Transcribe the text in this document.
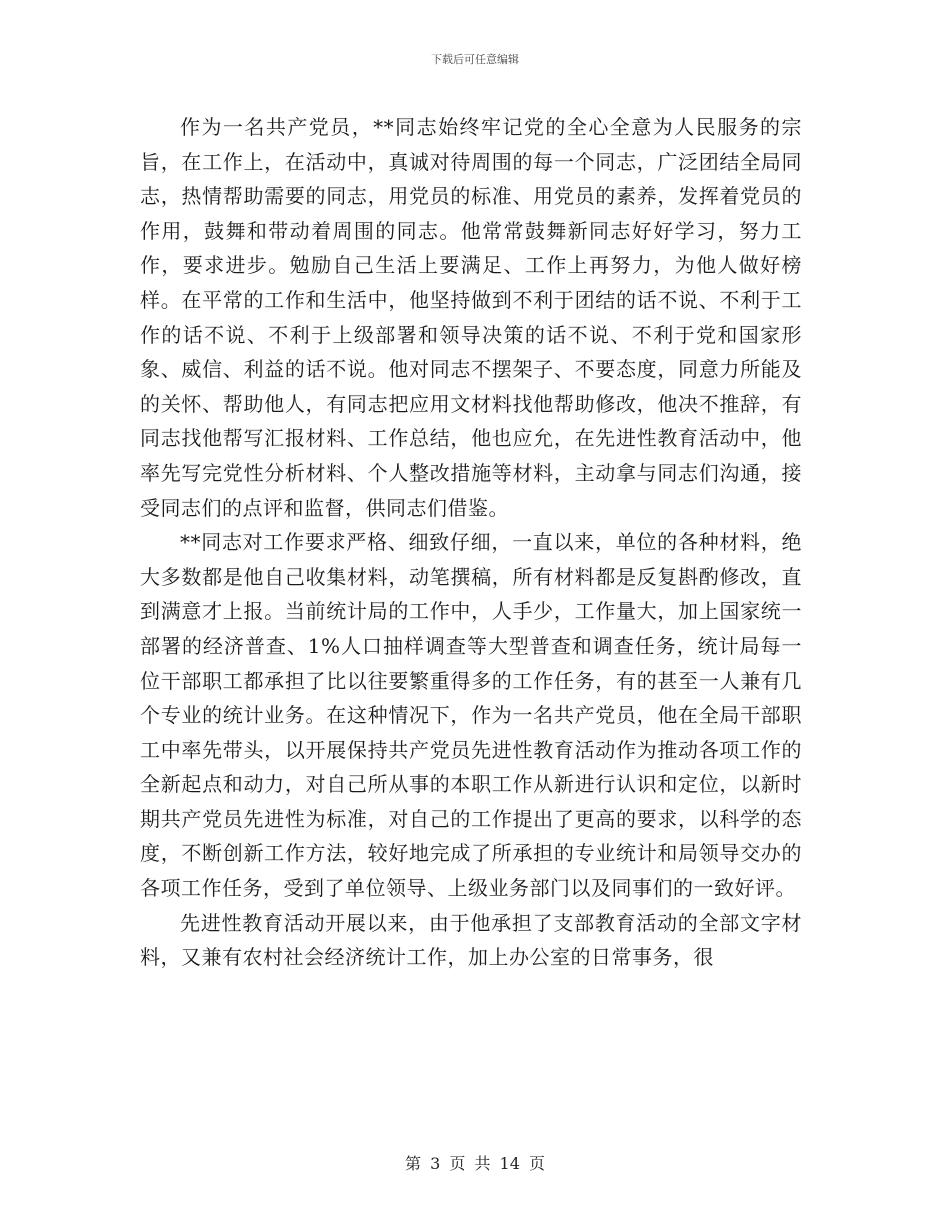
下载后可任意编辑

作为一名共产党员，**同志始终牢记党的全心全意为人民服务的宗旨，在工作上，在活动中，真诚对待周围的每一个同志，广泛团结全局同志，热情帮助需要的同志，用党员的标准、用党员的素养，发挥着党员的作用，鼓舞和带动着周围的同志。他常常鼓舞新同志好好学习，努力工作，要求进步。勉励自己生活上要满足、工作上再努力，为他人做好榜样。在平常的工作和生活中，他坚持做到不利于团结的话不说、不利于工作的话不说、不利于上级部署和领导决策的话不说、不利于党和国家形象、威信、利益的话不说。他对同志不摆架子、不要态度，同意力所能及的关怀、帮助他人，有同志把应用文材料找他帮助修改，他决不推辞，有同志找他帮写汇报材料、工作总结，他也应允，在先进性教育活动中，他率先写完党性分析材料、个人整改措施等材料，主动拿与同志们沟通，接受同志们的点评和监督，供同志们借鉴。

**同志对工作要求严格、细致仔细，一直以来，单位的各种材料，绝大多数都是他自己收集材料，动笔撰稿，所有材料都是反复斟酌修改，直到满意才上报。当前统计局的工作中，人手少，工作量大，加上国家统一部署的经济普查、1%人口抽样调查等大型普查和调查任务，统计局每一位干部职工都承担了比以往要繁重得多的工作任务，有的甚至一人兼有几个专业的统计业务。在这种情况下，作为一名共产党员，他在全局干部职工中率先带头，以开展保持共产党员先进性教育活动作为推动各项工作的全新起点和动力，对自己所从事的本职工作从新进行认识和定位，以新时期共产党员先进性为标准，对自己的工作提出了更高的要求，以科学的态度，不断创新工作方法，较好地完成了所承担的专业统计和局领导交办的各项工作任务，受到了单位领导、上级业务部门以及同事们的一致好评。

先进性教育活动开展以来，由于他承担了支部教育活动的全部文字材料，又兼有农村社会经济统计工作，加上办公室的日常事务，很

第 3 页 共 14 页
